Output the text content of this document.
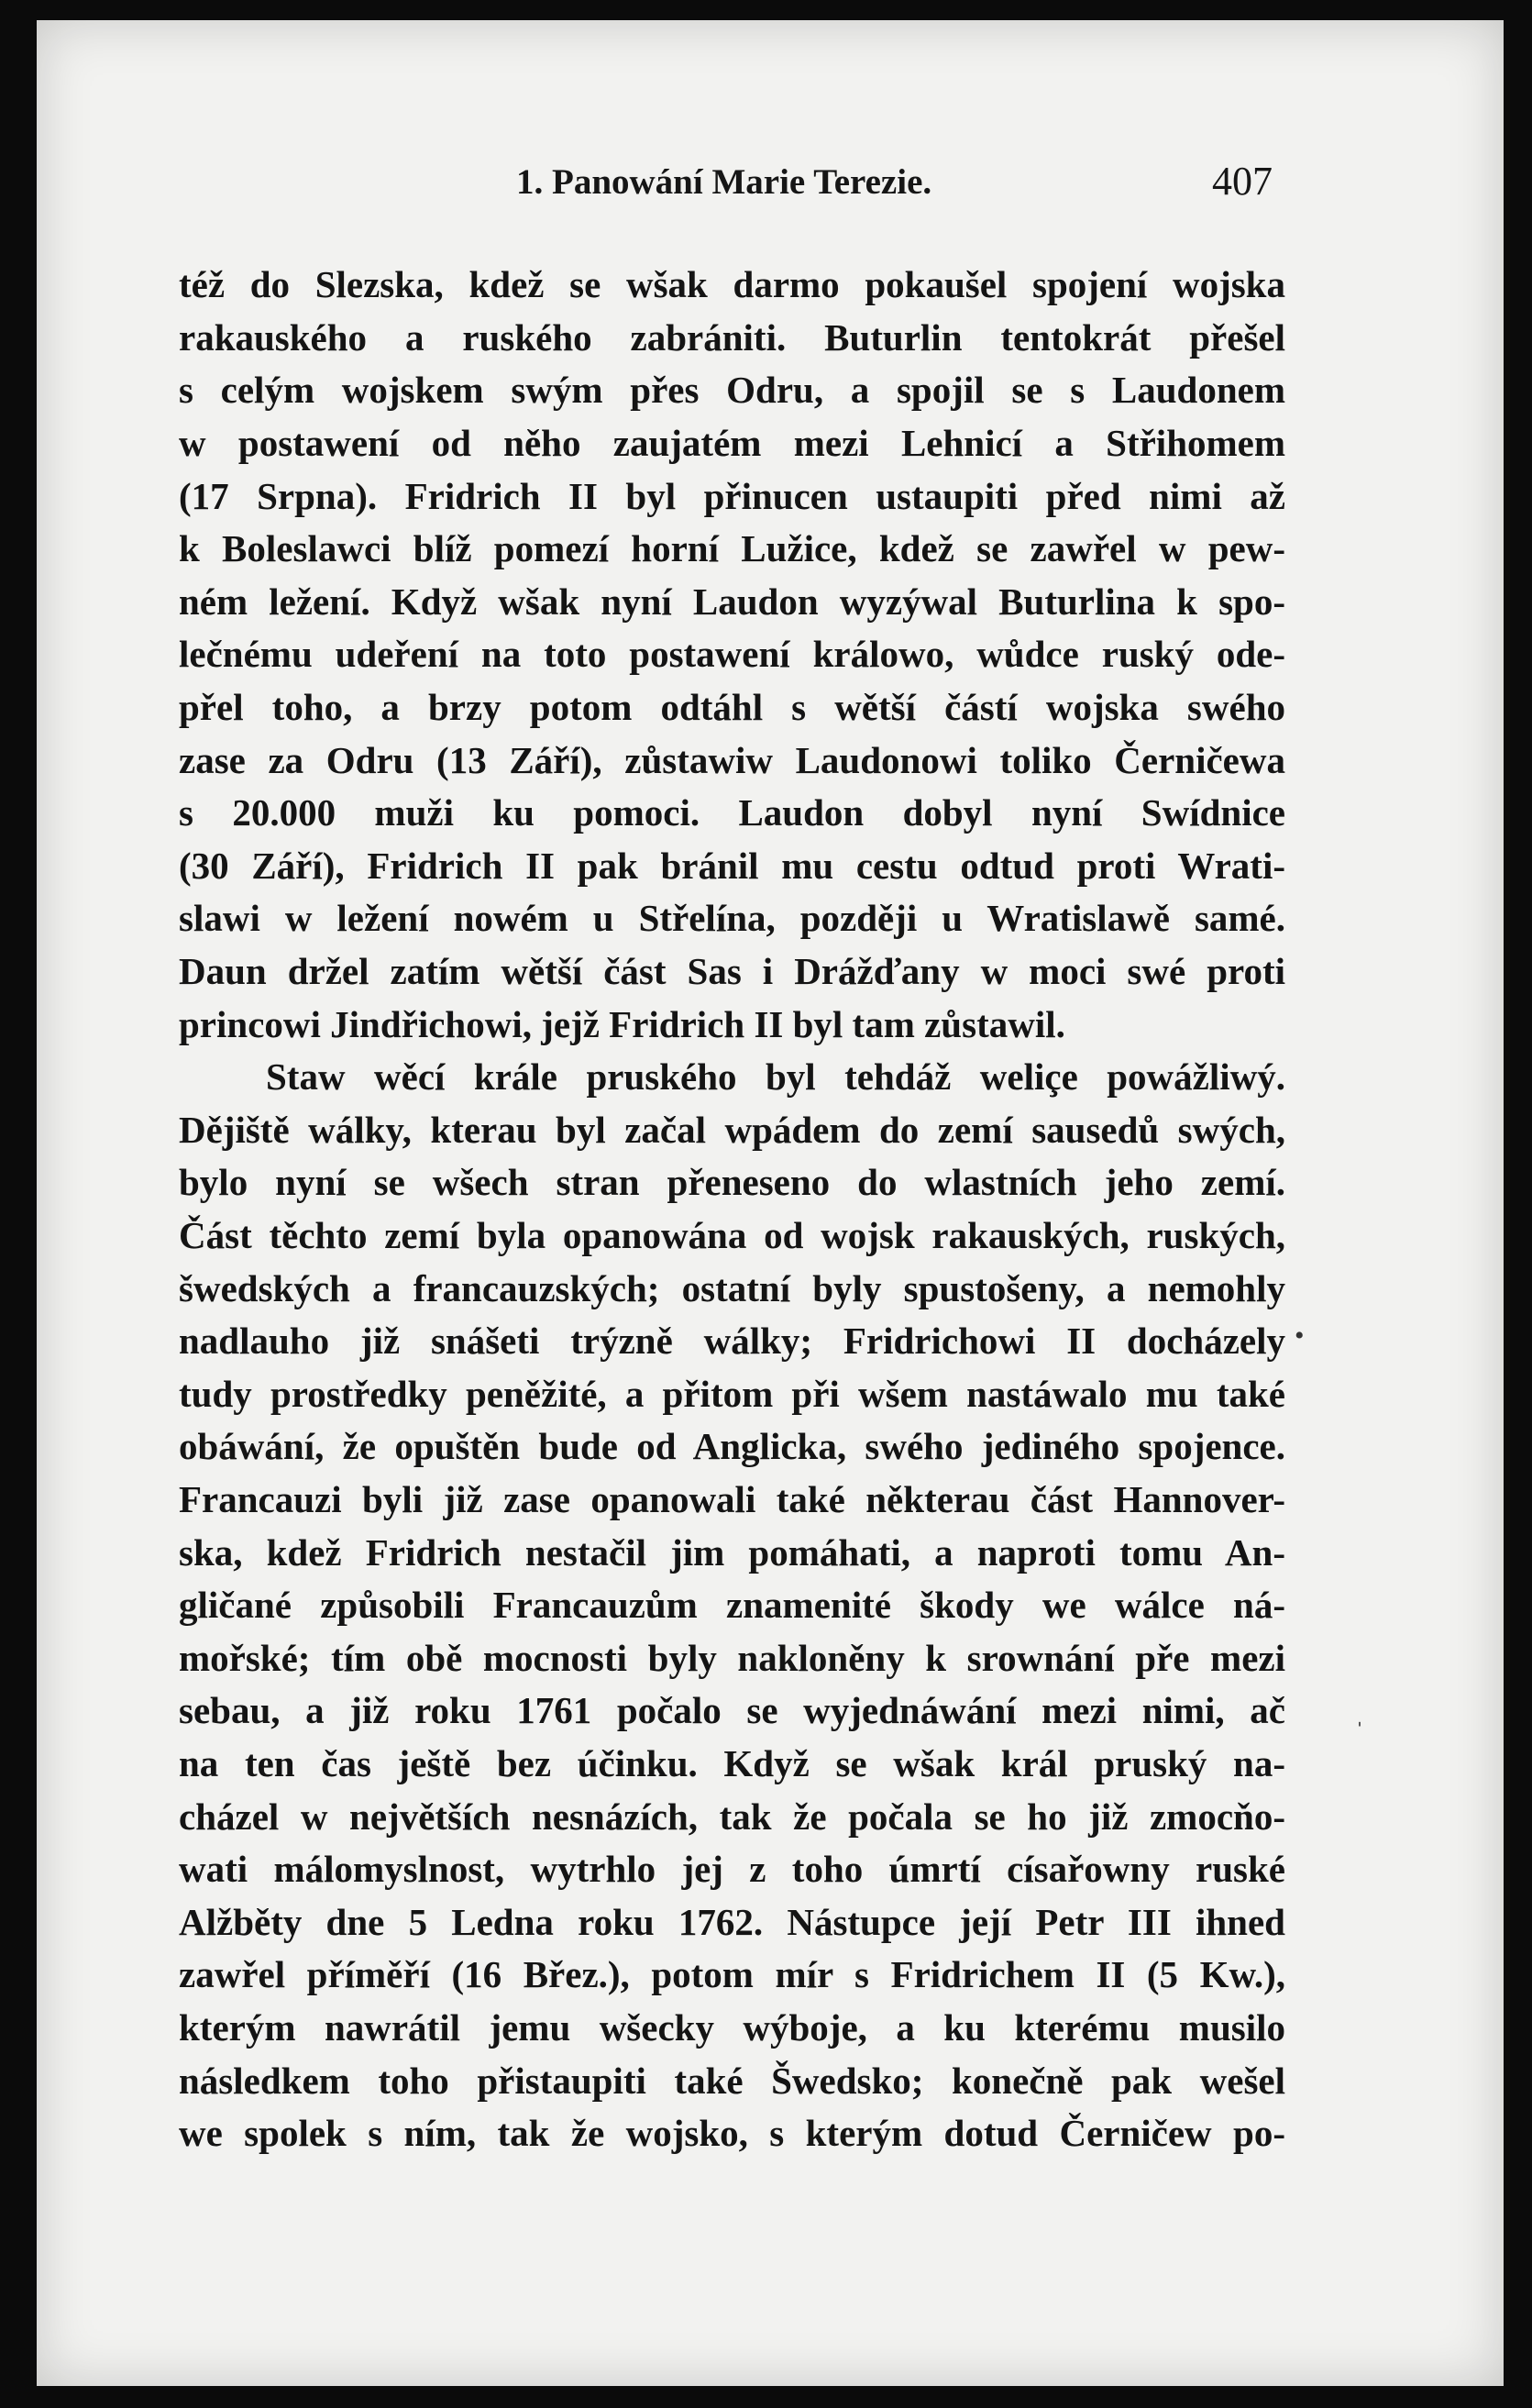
1. Panowání Marie Terezie.	407
též do Slezska, kdež se wšak darmo pokaušel spojení wojska
rakauského a ruského zabrániti. Buturlin tentokrát přešel
s celým wojskem swým přes Odru, a spojil se s Laudonem
w postawení od něho zaujatém mezi Lehnicí a Střihomem
(17 Srpna). Fridrich II byl přinucen ustaupiti před nimi až
k Boleslawci blíž pomezí horní Lužice, kdež se zawřel w pew-
ném ležení. Když wšak nyní Laudon wyzýwal Buturlina k spo-
lečnému udeření na toto postawení králowo, wůdce ruský ode-
přel toho, a brzy potom odtáhl s wětší částí wojska swého
zase za Odru (13 Září), zůstawiw Laudonowi toliko Černičewa
s 20.000 muži ku pomoci. Laudon dobyl nyní Swídnice
(30 Září), Fridrich II pak bránil mu cestu odtud proti Wrati-
slawi w ležení nowém u Střelína, později u Wratislawě samé.
Daun držel zatím wětší část Sas i Drážďany w moci swé proti
princowi Jindřichowi, jejž Fridrich II byl tam zůstawil.
Staw wěcí krále pruského byl tehdáž weliçe powážliwý.
Dějiště wálky, kterau byl začal wpádem do zemí sausedů swých,
bylo nyní se wšech stran přeneseno do wlastních jeho zemí.
Část těchto zemí byla opanowána od wojsk rakauských, ruských,
šwedských a francauzských; ostatní byly spustošeny, a nemohly
nadlauho již snášeti trýzně wálky; Fridrichowi II docházely
tudy prostředky peněžité, a přitom při wšem nastáwalo mu také
obáwání, že opuštěn bude od Anglicka, swého jediného spojence.
Francauzi byli již zase opanowali také některau část Hannover-
ska, kdež Fridrich nestačil jim pomáhati, a naproti tomu An-
gličané způsobili Francauzům znamenité škody we wálce ná-
mořské; tím obě mocnosti byly nakloněny k srownání pře mezi
sebau, a již roku 1761 počalo se wyjednáwání mezi nimi, ač
na ten čas ještě bez účinku. Když se wšak král pruský na-
cházel w největších nesnázích, tak že počala se ho již zmocňo-
wati málomyslnost, wytrhlo jej z toho úmrtí císařowny ruské
Alžběty dne 5 Ledna roku 1762. Nástupce její Petr III ihned
zawřel příměří (16 Břez.), potom mír s Fridrichem II (5 Kw.),
kterým nawrátil jemu wšecky wýboje, a ku kterému musilo
následkem toho přistaupiti také Šwedsko; konečně pak wešel
we spolek s ním, tak že wojsko, s kterým dotud Černičew po-
•
ˌ
